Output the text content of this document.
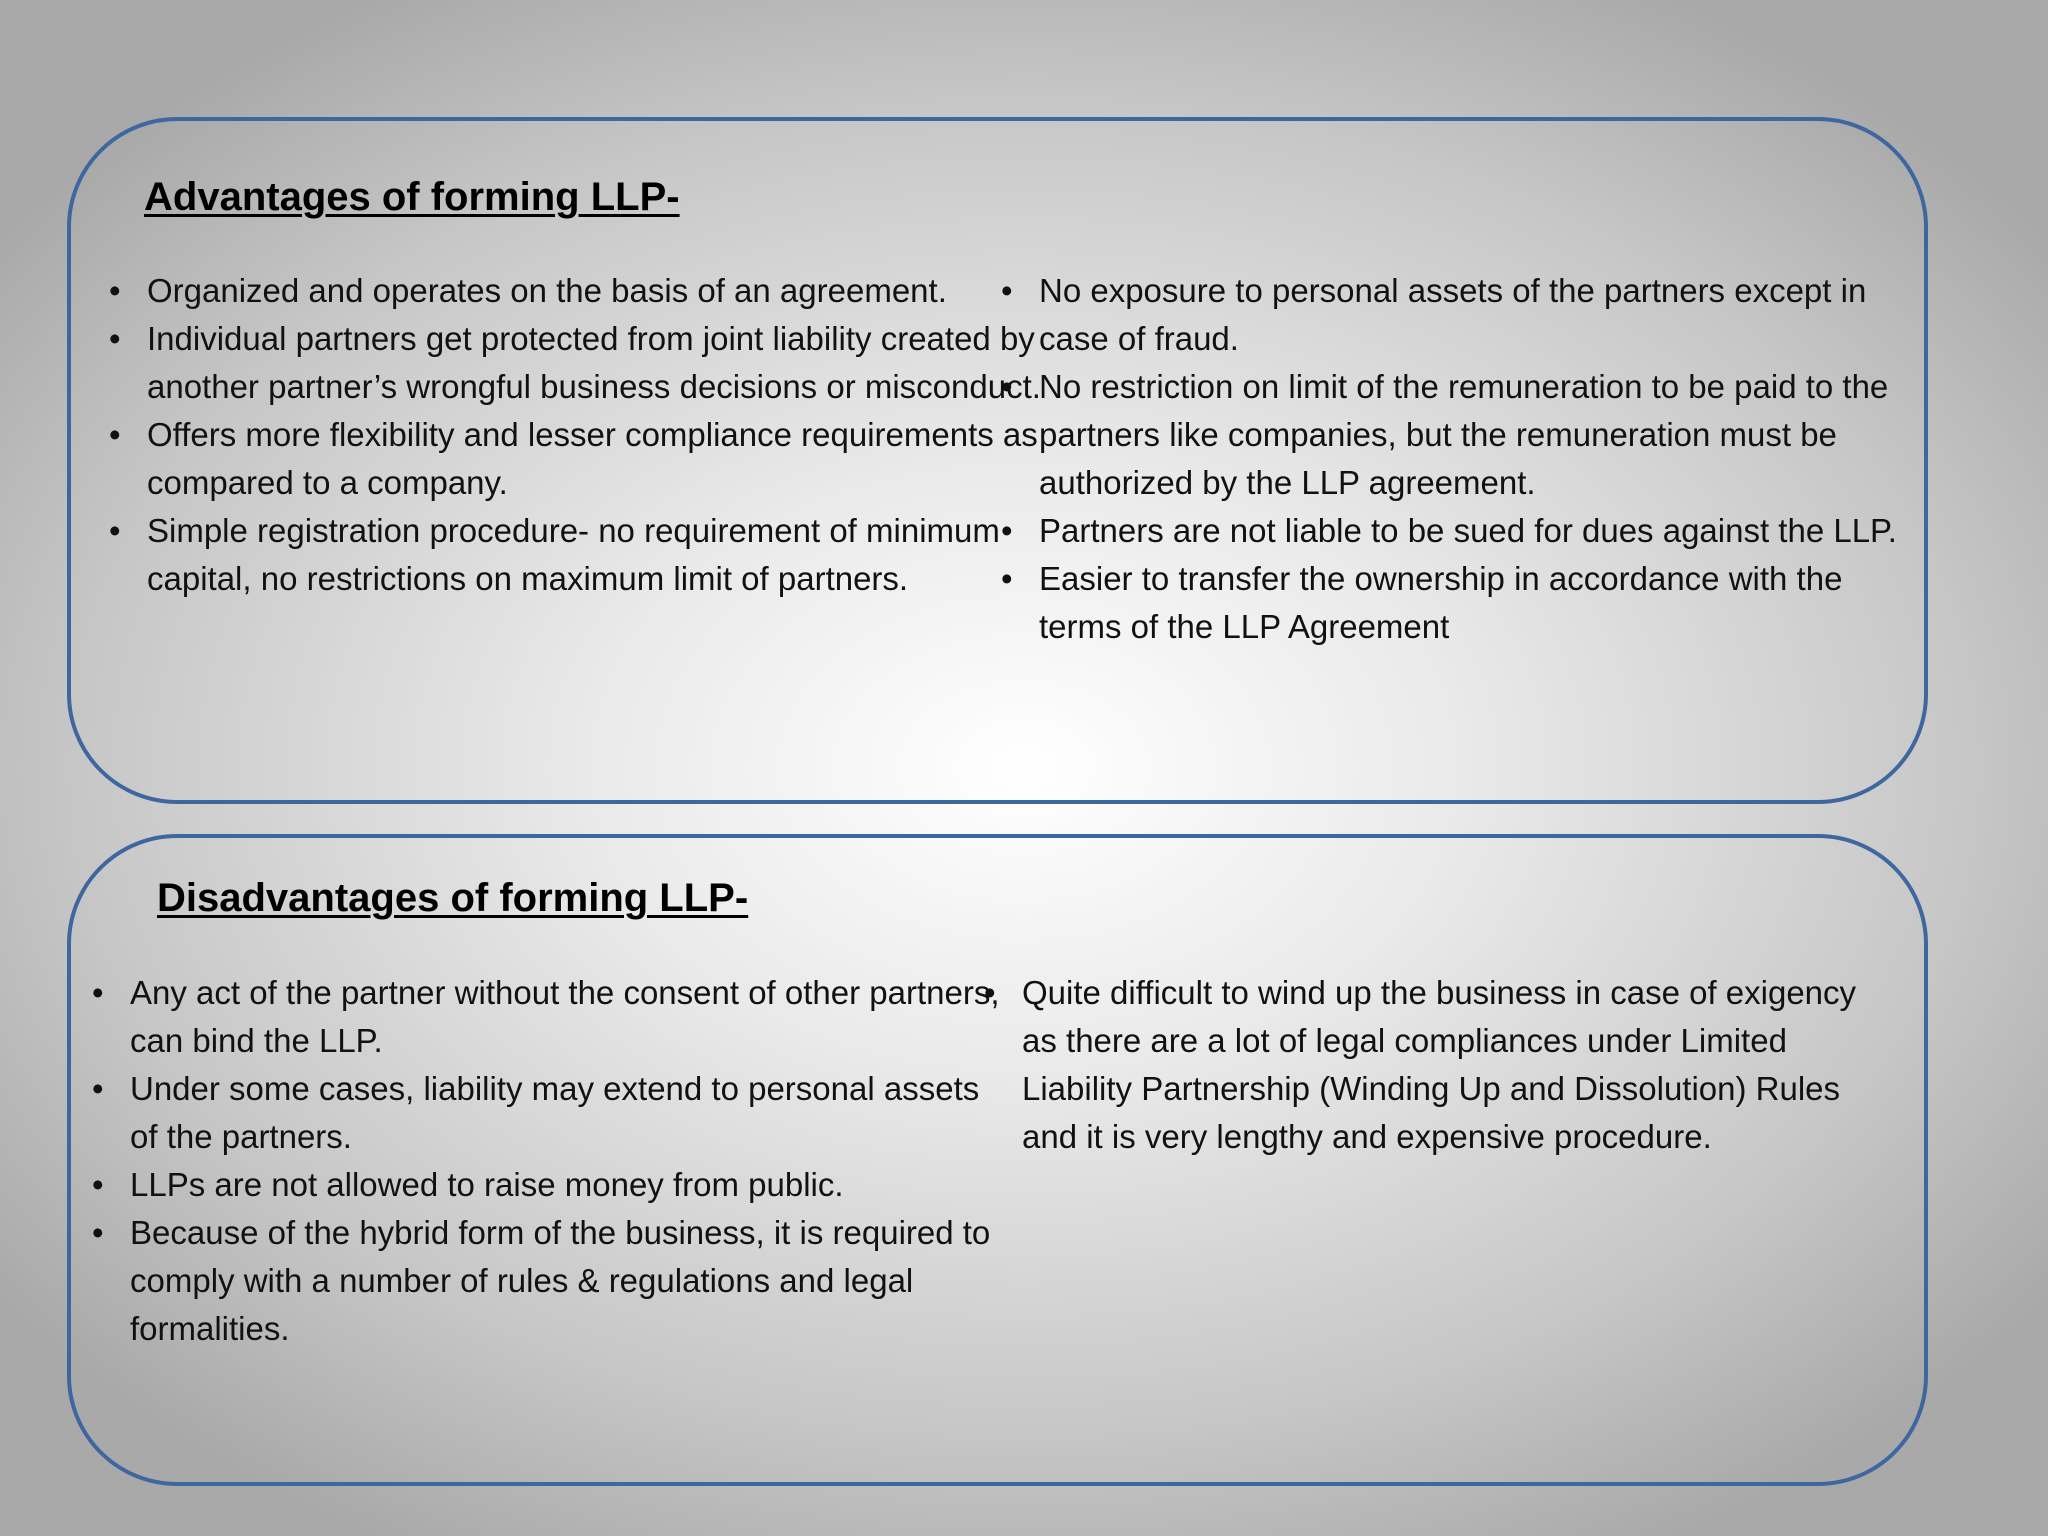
Advantages of forming LLP-
• Organized and operates on the basis of an agreement.
• Individual partners get protected from joint liability created by another partner’s wrongful business decisions or misconduct.
• Offers more flexibility and lesser compliance requirements as compared to a company.
• Simple registration procedure- no requirement of minimum capital, no restrictions on maximum limit of partners.
• No exposure to personal assets of the partners except in case of fraud.
• No restriction on limit of the remuneration to be paid to the partners like companies, but the remuneration must be authorized by the LLP agreement.
• Partners are not liable to be sued for dues against the LLP.
• Easier to transfer the ownership in accordance with the terms of the LLP Agreement
Disadvantages of forming LLP-
• Any act of the partner without the consent of other partners, can bind the LLP.
• Under some cases, liability may extend to personal assets of the partners.
• LLPs are not allowed to raise money from public.
• Because of the hybrid form of the business, it is required to comply with a number of rules & regulations and legal formalities.
• Quite difficult to wind up the business in case of exigency as there are a lot of legal compliances under Limited Liability Partnership (Winding Up and Dissolution) Rules and it is very lengthy and expensive procedure.
